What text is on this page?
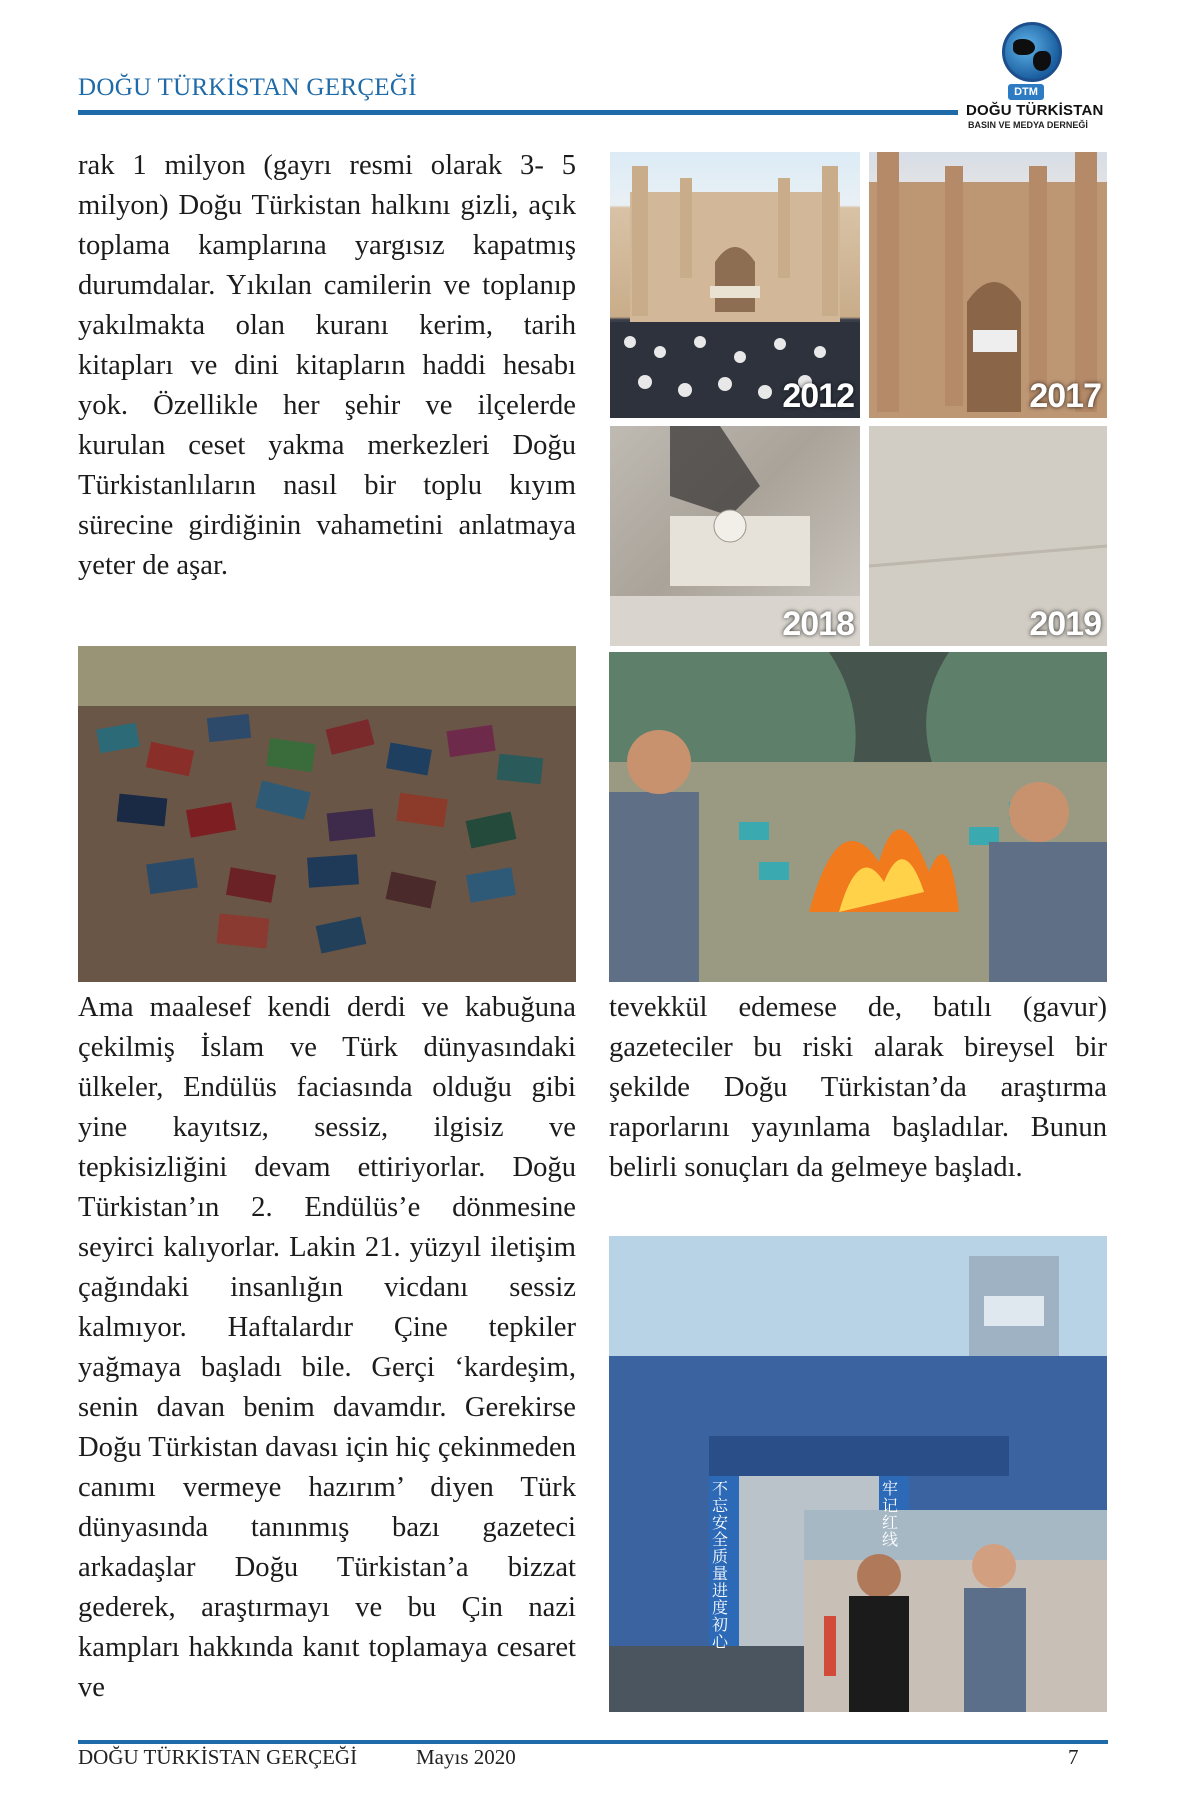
DOĞU TÜRKİSTAN GERÇEĞİ	DTM
DOĞU TÜRKİSTAN
BASIN VE MEDYA DERNEĞİ
rak 1 milyon (gayrı resmi olarak 3- 5 milyon) Doğu Türkistan halkını gizli, açık toplama kamplarına yargısız kapatmış durumdalar. Yıkılan camilerin ve toplanıp yakılmakta olan kuranı kerim, tarih kitapları ve dini kitapların haddi hesabı yok. Özellikle her şehir ve ilçelerde kurulan ceset yakma merkezleri Doğu Türkistanlıların nasıl bir toplu kıyım sürecine girdiğinin vahametini anlatmaya yeter de aşar.
2012	2017
2018	2019
Ama maalesef kendi derdi ve kabuğuna çekilmiş İslam ve Türk dünyasındaki ülkeler, Endülüs faciasında olduğu gibi yine kayıtsız, sessiz, ilgisiz ve tepkisizliğini devam ettiriyorlar. Doğu Türkistan’ın 2. Endülüs’e dönmesine seyirci kalıyorlar. Lakin 21. yüzyıl iletişim çağındaki insanlığın vicdanı sessiz kalmıyor. Haftalardır Çine tepkiler yağmaya başladı bile. Gerçi ‘kardeşim, senin davan benim davamdır. Gerekirse Doğu Türkistan davası için hiç çekinmeden canımı vermeye hazırım’ diyen Türk dünyasında tanınmış bazı gazeteci arkadaşlar Doğu Türkistan’a bizzat gederek, araştırmayı ve bu Çin nazi kampları hakkında kanıt toplamaya cesaret ve
tevekkül edemese de, batılı (gavur) gazeteciler bu riski alarak bireysel bir şekilde Doğu Türkistan’da araştırma raporlarını yayınlama başladılar. Bunun belirli sonuçları da gelmeye başladı.
不忘安全质量进度初心
牢记红线
DOĞU TÜRKİSTAN GERÇEĞİ	Mayıs 2020	7
